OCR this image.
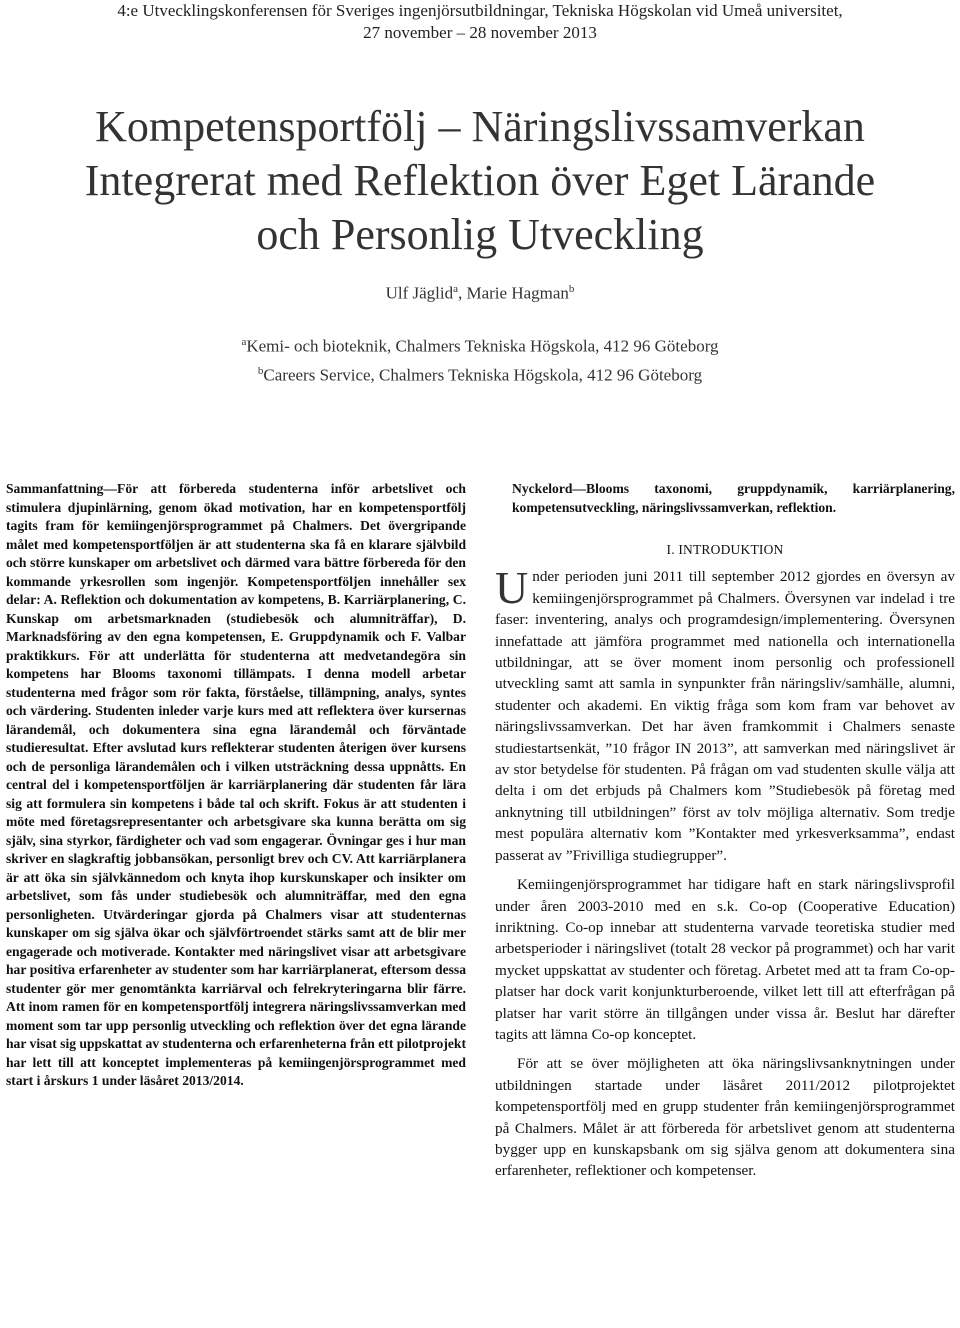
4:e Utvecklingskonferensen för Sveriges ingenjörsutbildningar, Tekniska Högskolan vid Umeå universitet,
27 november – 28 november 2013
Kompetensportfölj – Näringslivssamverkan
Integrerat med Reflektion över Eget Lärande
och Personlig Utveckling
Ulf Jäglid$^a$, Marie Hagman$^b$
$^a$Kemi- och bioteknik, Chalmers Tekniska Högskola, 412 96 Göteborg
$^b$Careers Service, Chalmers Tekniska Högskola, 412 96 Göteborg

Sammanfattning—För att förbereda studenterna inför arbetslivet och stimulera djupinlärning, genom ökad motivation, har en kompetensportfölj tagits fram för kemiingenjörsprogrammet på Chalmers. Det övergripande målet med kompetensportföljen är att studenterna ska få en klarare självbild och större kunskaper om arbetslivet och därmed vara bättre förbereda för den kommande yrkesrollen som ingenjör. Kompetensportföljen innehåller sex delar: A. Reflektion och dokumentation av kompetens, B. Karriärplanering, C. Kunskap om arbetsmarknaden (studiebesök och alumniträffar), D. Marknadsföring av den egna kompetensen, E. Gruppdynamik och F. Valbar praktikkurs. För att underlätta för studenterna att medvetandegöra sin kompetens har Blooms taxonomi tillämpats. I denna modell arbetar studenterna med frågor som rör fakta, förståelse, tillämpning, analys, syntes och värdering. Studenten inleder varje kurs med att reflektera över kursernas lärandemål, och dokumentera sina egna lärandemål och förväntade studieresultat. Efter avslutad kurs reflekterar studenten återigen över kursens och de personliga lärandemålen och i vilken utsträckning dessa uppnåtts. En central del i kompetensportföljen är karriärplanering där studenten får lära sig att formulera sin kompetens i både tal och skrift. Fokus är att studenten i möte med företagsrepresentanter och arbetsgivare ska kunna berätta om sig själv, sina styrkor, färdigheter och vad som engagerar. Övningar ges i hur man skriver en slagkraftig jobbansökan, personligt brev och CV. Att karriärplanera är att öka sin självkännedom och knyta ihop kurskunskaper och insikter om arbetslivet, som fås under studiebesök och alumniträffar, med den egna personligheten. Utvärderingar gjorda på Chalmers visar att studenternas kunskaper om sig själva ökar och självförtroendet stärks samt att de blir mer engagerade och motiverade. Kontakter med näringslivet visar att arbetsgivare har positiva erfarenheter av studenter som har karriärplanerat, eftersom dessa studenter gör mer genomtänkta karriärval och felrekryteringarna blir färre. Att inom ramen för en kompetensportfölj integrera näringslivssamverkan med moment som tar upp personlig utveckling och reflektion över det egna lärande har visat sig uppskattat av studenterna och erfarenheterna från ett pilotprojekt har lett till att konceptet implementeras på kemiingenjörsprogrammet med start i årskurs 1 under läsåret 2013/2014.

Nyckelord—Blooms taxonomi, gruppdynamik, karriärplanering, kompetensutveckling, näringslivssamverkan, reflektion.

I. INTRODUKTION

Under perioden juni 2011 till september 2012 gjordes en översyn av kemiingenjörsprogrammet på Chalmers. Översynen var indelad i tre faser: inventering, analys och programdesign/implementering. Översynen innefattade att jämföra programmet med nationella och internationella utbildningar, att se över moment inom personlig och professionell utveckling samt att samla in synpunkter från näringsliv/samhälle, alumni, studenter och akademi. En viktig fråga som kom fram var behovet av näringslivssamverkan. Det har även framkommit i Chalmers senaste studiestartsenkät, ”10 frågor IN 2013”, att samverkan med näringslivet är av stor betydelse för studenten. På frågan om vad studenten skulle välja att delta i om det erbjuds på Chalmers kom ”Studiebesök på företag med anknytning till utbildningen” först av tolv möjliga alternativ. Som tredje mest populära alternativ kom ”Kontakter med yrkesverksamma”, endast passerat av ”Frivilliga studiegrupper”.

Kemiingenjörsprogrammet har tidigare haft en stark näringslivsprofil under åren 2003-2010 med en s.k. Co-op (Cooperative Education) inriktning. Co-op innebar att studenterna varvade teoretiska studier med arbetsperioder i näringslivet (totalt 28 veckor på programmet) och har varit mycket uppskattat av studenter och företag. Arbetet med att ta fram Co-op-platser har dock varit konjunkturberoende, vilket lett till att efterfrågan på platser har varit större än tillgången under vissa år. Beslut har därefter tagits att lämna Co-op konceptet.

För att se över möjligheten att öka näringslivsanknytningen under utbildningen startade under läsåret 2011/2012 pilotprojektet kompetensportfölj med en grupp studenter från kemiingenjörsprogrammet på Chalmers. Målet är att förbereda för arbetslivet genom att studenterna bygger upp en kunskapsbank om sig själva genom att dokumentera sina erfarenheter, reflektioner och kompetenser.
